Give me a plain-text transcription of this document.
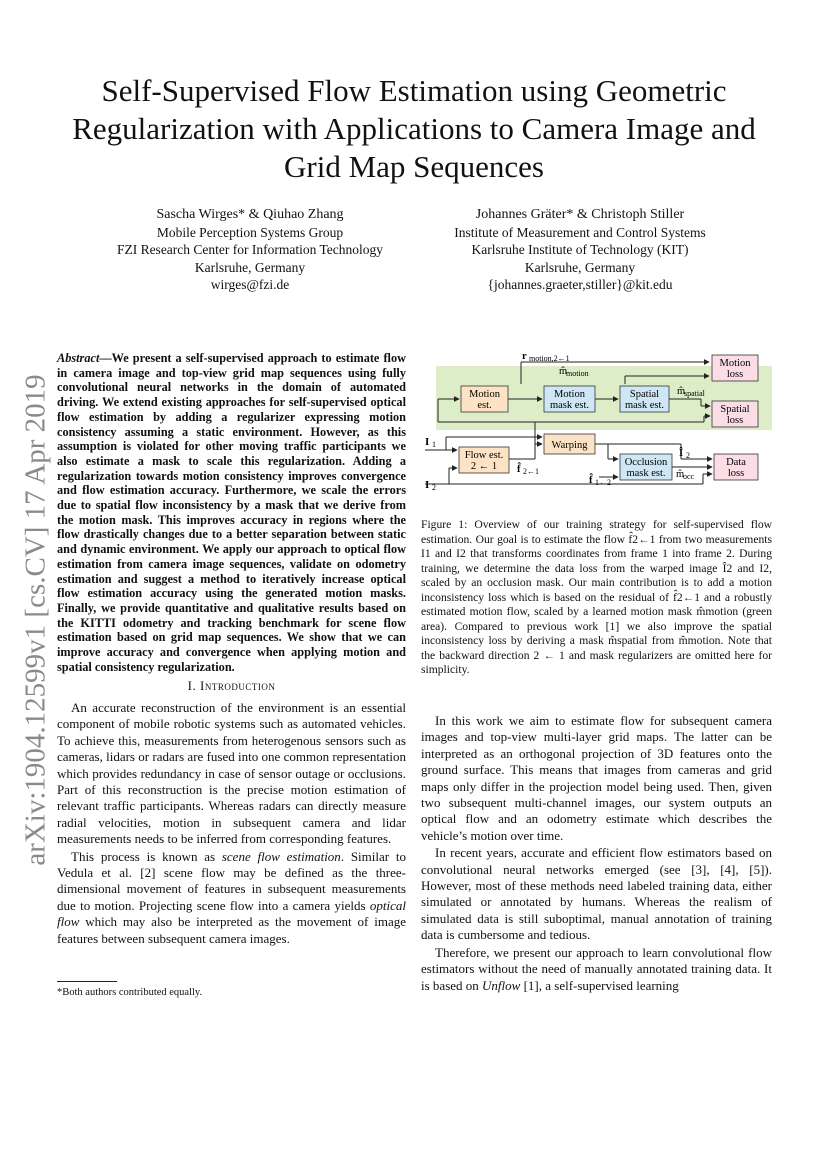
arXiv:1904.12599v1 [cs.CV] 17 Apr 2019
Self-Supervised Flow Estimation using Geometric Regularization with Applications to Camera Image and Grid Map Sequences
Sascha Wirges* & Qiuhao Zhang
Mobile Perception Systems Group
FZI Research Center for Information Technology
Karlsruhe, Germany
wirges@fzi.de
Johannes Gräter* & Christoph Stiller
Institute of Measurement and Control Systems
Karlsruhe Institute of Technology (KIT)
Karlsruhe, Germany
{johannes.graeter,stiller}@kit.edu
Abstract—We present a self-supervised approach to estimate flow in camera image and top-view grid map sequences using fully convolutional neural networks in the domain of automated driving. We extend existing approaches for self-supervised optical flow estimation by adding a regularizer expressing motion consistency assuming a static environment. However, as this assumption is violated for other moving traffic participants we also estimate a mask to scale this regularization. Adding a regularization towards motion consistency improves convergence and flow estimation accuracy. Furthermore, we scale the errors due to spatial flow inconsistency by a mask that we derive from the motion mask. This improves accuracy in regions where the flow drastically changes due to a better separation between static and dynamic environment. We apply our approach to optical flow estimation from camera image sequences, validate on odometry estimation and suggest a method to iteratively increase optical flow estimation accuracy using the generated motion masks. Finally, we provide quantitative and qualitative results based on the KITTI odometry and tracking benchmark for scene flow estimation based on grid map sequences. We show that we can improve accuracy and convergence when applying motion and spatial consistency regularization.
I. Introduction

An accurate reconstruction of the environment is an essential component of mobile robotic systems such as automated vehicles. To achieve this, measurements from heterogenous sensors such as cameras, lidars or radars are fused into one common representation which provides redundancy in case of sensor outage or occlusions. Part of this reconstruction is the precise motion estimation of relevant traffic participants. Whereas radars can directly measure radial velocities, motion in subsequent camera and lidar measurements needs to be inferred from corresponding features.

This process is known as scene flow estimation. Similar to Vedula et al. [2] scene flow may be defined as the three-dimensional movement of features in subsequent measurements due to motion. Projecting scene flow into a camera yields optical flow which may also be interpreted as the movement of image features between subsequent camera images.

*Both authors contributed equally.
Motion
est.
Motion
mask est.
Spatial
mask est.
Motion
loss
Spatial
loss
r motion,2←1
m̂
motion
m̂
spatial
Warping
Flow est.
2 ← 1	Occlusion
mask est.
Data
loss
I 1
I 2
f̂ 2←1
f̂ 1←2
Î 2
m̂
occ
Figure 1: Overview of our training strategy for self-supervised flow estimation. Our goal is to estimate the flow f̂2←1 from two measurements I1 and I2 that transforms coordinates from frame 1 into frame 2. During training, we determine the data loss from the warped image Î2 and I2, scaled by an occlusion mask. Our main contribution is to add a motion inconsistency loss which is based on the residual of f̂2←1 and a robustly estimated motion flow, scaled by a learned motion mask m̂motion (green area). Compared to previous work [1] we also improve the spatial inconsistency loss by deriving a mask m̂spatial from m̂motion. Note that the backward direction 2 ← 1 and mask regularizers are omitted here for simplicity.

In this work we aim to estimate flow for subsequent camera images and top-view multi-layer grid maps. The latter can be interpreted as an orthogonal projection of 3D features onto the ground surface. This means that images from cameras and grid maps only differ in the projection model being used. Then, given two subsequent multi-channel images, our system outputs an optical flow and an odometry estimate which describes the vehicle’s motion over time.

In recent years, accurate and efficient flow estimators based on convolutional neural networks emerged (see [3], [4], [5]). However, most of these methods need labeled training data, either simulated or annotated by humans. Whereas the realism of simulated data is still suboptimal, manual annotation of training data is cumbersome and tedious.

Therefore, we present our approach to learn convolutional flow estimators without the need of manually annotated training data. It is based on Unflow [1], a self-supervised learning
